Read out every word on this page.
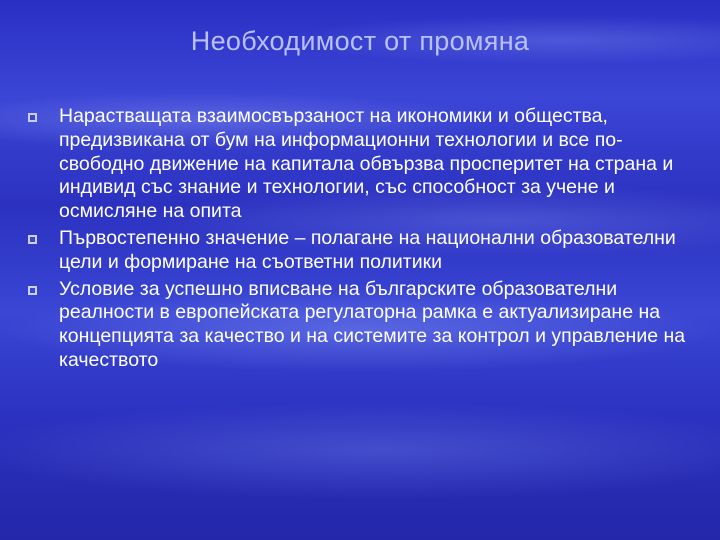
Необходимост от промяна
Нарастващата взаимосвързаност на икономики и общества, предизвикана от бум на информационни технологии и все по-свободно движение на капитала обвързва просперитет на страна и индивид със знание и технологии, със способност за учене и осмисляне на опита
Първостепенно значение – полагане на национални образователни цели и формиране на съответни политики
Условие за успешно вписване на българските образователни реалности в европейската регулаторна рамка е актуализиране на концепцията за качество и на системите за контрол и управление на качеството
